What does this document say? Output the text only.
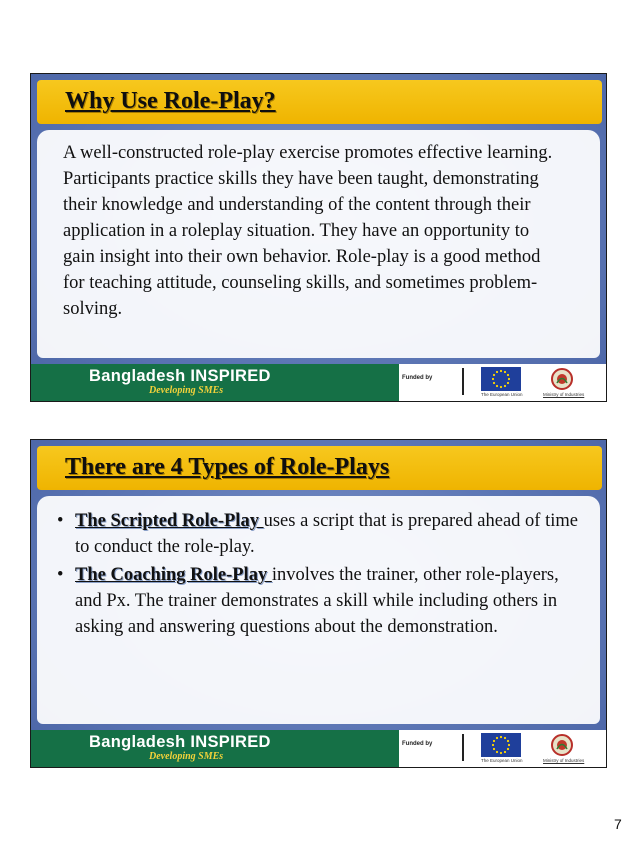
Why Use Role-Play?

A well-constructed role-play exercise promotes effective learning. Participants practice skills they have been taught, demonstrating their knowledge and understanding of the content through their application in a roleplay situation. They have an opportunity to gain insight into their own behavior. Role-play is a good method for teaching attitude, counseling skills, and sometimes problem-solving.

Bangladesh INSPIRED
Developing SMEs
Funded by
The European Union	Ministry of Industries
There are 4 Types of Role-Plays
• The Scripted Role-Play uses a script that is prepared ahead of time to conduct the role-play.
• The Coaching Role-Play involves the trainer, other role-players, and Px. The trainer demonstrates a skill while including others in asking and answering questions about the demonstration.
Bangladesh INSPIRED
Developing SMEs
Funded by
The European Union	Ministry of Industries
7
